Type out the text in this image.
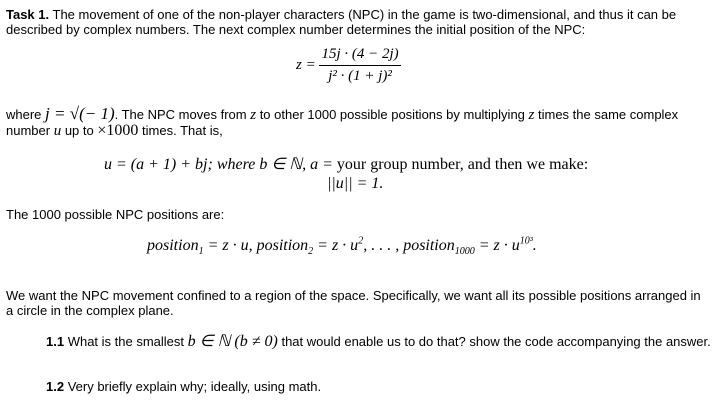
Task 1. The movement of one of the non-player characters (NPC) in the game is two-dimensional, and thus it can be described by complex numbers. The next complex number determines the initial position of the NPC:
$z = \frac{15j \cdot (4 - 2j)}{\text{j² · (1 + j)²}}$
where j = √(− 1). The NPC moves from z to other 1000 possible positions by multiplying z times the same complex number u up to ×1000 times. That is,
u = (a + 1) + bj; where b ∈ ℕ, a = your group number, and then we make:
||u|| = 1.
The 1000 possible NPC positions are:
position$_1$ = z · u, position$_2$ = $z \cdot u^2$, . . . , position$_{1000}$ = $z \cdot u^{10^3}$.
We want the NPC movement confined to a region of the space. Specifically, we want all its possible positions arranged in a circle in the complex plane.
1.1 What is the smallest b ∈ ℕ (b ≠ 0) that would enable us to do that? show the code accompanying the answer.
1.2 Very briefly explain why; ideally, using math.
